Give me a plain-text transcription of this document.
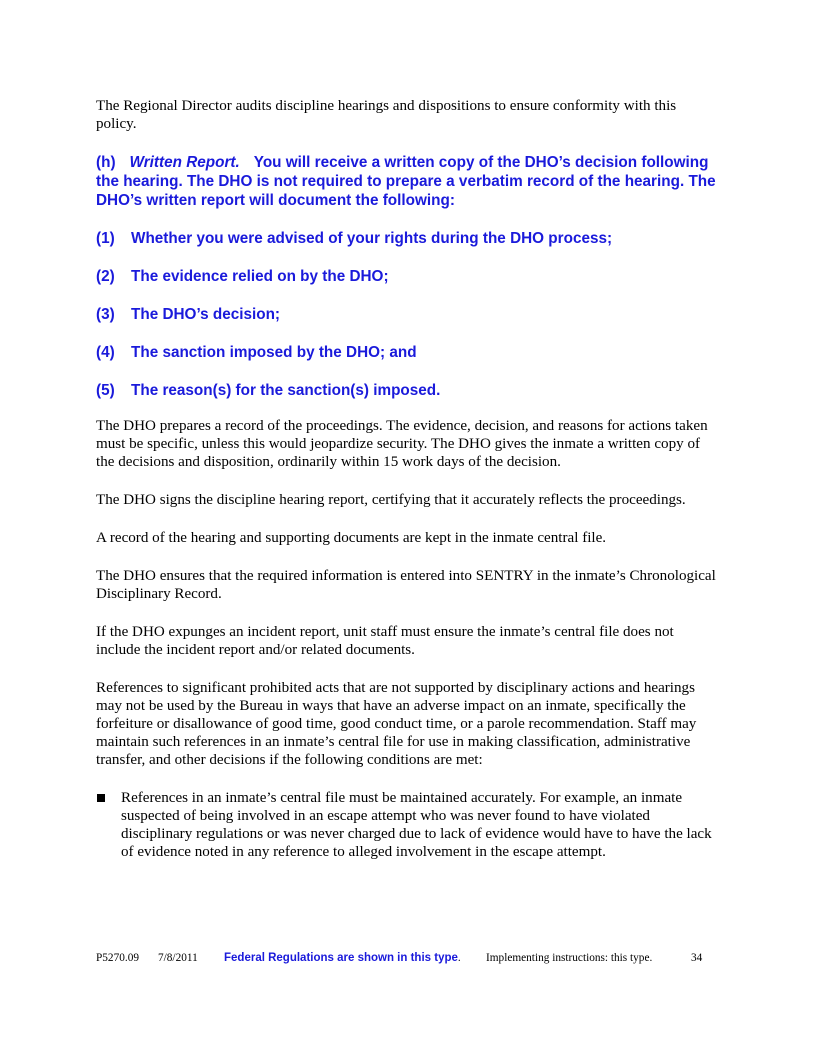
The Regional Director audits discipline hearings and dispositions to ensure conformity with this policy.

(h) Written Report. You will receive a written copy of the DHO’s decision following the hearing. The DHO is not required to prepare a verbatim record of the hearing. The DHO’s written report will document the following:

(1)	Whether you were advised of your rights during the DHO process;
(2)	The evidence relied on by the DHO;
(3)	The DHO’s decision;
(4)	The sanction imposed by the DHO; and
(5)	The reason(s) for the sanction(s) imposed.

The DHO prepares a record of the proceedings. The evidence, decision, and reasons for actions taken must be specific, unless this would jeopardize security. The DHO gives the inmate a written copy of the decisions and disposition, ordinarily within 15 work days of the decision.

The DHO signs the discipline hearing report, certifying that it accurately reflects the proceedings.

A record of the hearing and supporting documents are kept in the inmate central file.

The DHO ensures that the required information is entered into SENTRY in the inmate’s Chronological Disciplinary Record.

If the DHO expunges an incident report, unit staff must ensure the inmate’s central file does not include the incident report and/or related documents.

References to significant prohibited acts that are not supported by disciplinary actions and hearings may not be used by the Bureau in ways that have an adverse impact on an inmate, specifically the forfeiture or disallowance of good time, good conduct time, or a parole recommendation. Staff may maintain such references in an inmate’s central file for use in making classification, administrative transfer, and other decisions if the following conditions are met:

References in an inmate’s central file must be maintained accurately. For example, an inmate suspected of being involved in an escape attempt who was never found to have violated disciplinary regulations or was never charged due to lack of evidence would have to have the lack of evidence noted in any reference to alleged involvement in the escape attempt.
P5270.09 7/8/2011 Federal Regulations are shown in this type. Implementing instructions: this type.	34
